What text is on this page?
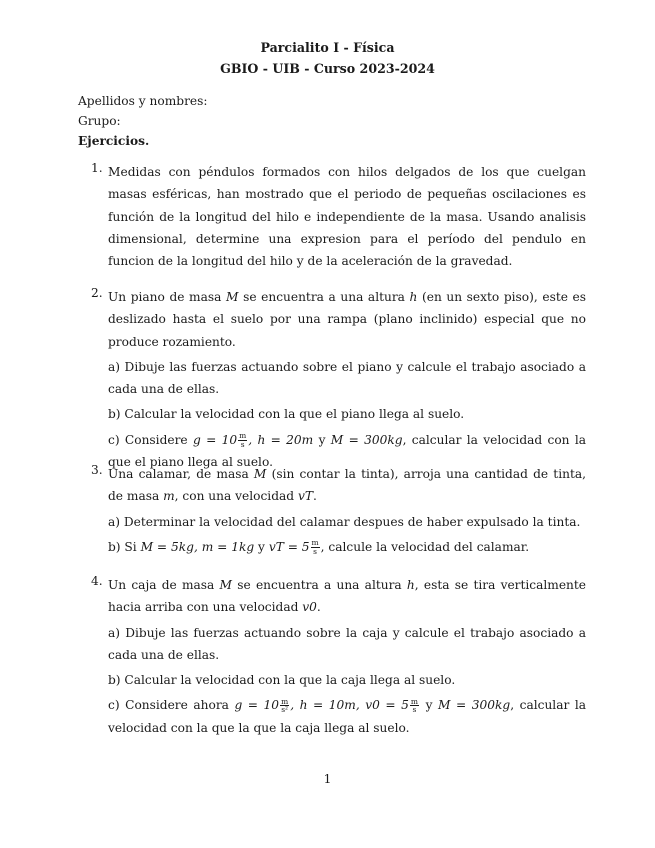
Parcialito I - Física
GBIO - UIB - Curso 2023-2024
Apellidos y nombres:
Grupo:
Ejercicios.
1. Medidas con péndulos formados con hilos delgados de los que cuelgan masas esféricas, han mostrado que el periodo de pequeñas oscilaciones es función de la longitud del hilo e independiente de la masa. Usando analisis dimensional, determine una expresion para el período del pendulo en funcion de la longitud del hilo y de la aceleración de la gravedad.

2. Un piano de masa M se encuentra a una altura h (en un sexto piso), este es deslizado hasta el suelo por una rampa (plano inclinido) especial que no produce rozamiento.

a) Dibuje las fuerzas actuando sobre el piano y calcule el trabajo asociado a cada una de ellas.

b) Calcular la velocidad con la que el piano llega al suelo.

c) Considere $g = 10 \frac{m}{s}$ , h = 20m y M = 300kg, calcular la velocidad con la que el piano llega al suelo.

3. Una calamar, de masa M (sin contar la tinta), arroja una cantidad de tinta, de masa m, con una velocidad vT.

a) Determinar la velocidad del calamar despues de haber expulsado la tinta.

b) Si M = 5kg, m = 1kg y vT = $5 \frac{m}{s}$ , calcule la velocidad del calamar.

4. Un caja de masa M se encuentra a una altura h, esta se tira verticalmente hacia arriba con una velocidad v0.

a) Dibuje las fuerzas actuando sobre la caja y calcule el trabajo asociado a cada una de ellas.

b) Calcular la velocidad con la que la caja llega al suelo.

c) Considere ahora $g = 10 \frac{m}{\text{s²}}$ , h = 10m, $v0 = 5 \frac{m}{s}$ y M = 300kg, calcular la velocidad con la que la que la caja llega al suelo.

1
